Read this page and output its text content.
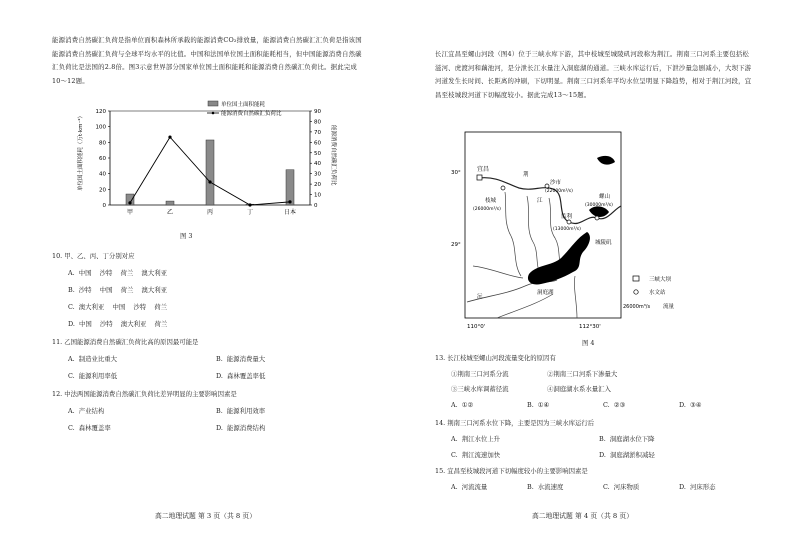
能源消费自然碳汇负荷是指单位面积森林所承载的能源消费CO₂排放量，能源消费自然碳汇汇负荷是指该国能源消费自然碳汇负荷与全球平均水平的比值。中国和法国单位国土面积能耗相当，但中国能源消费自然碳汇负荷比是法国的2.8倍。图3示意世界部分国家单位国土面积能耗和能源消费自然碳汇负荷比。据此完成10～12题。
单位国土面积能耗（万t·km⁻²）	能源消费自然碳汇负荷比
单位国土面积能耗
能源消费自然碳汇负荷比
0
20
40
60
80
100
120
0
10
20
30
40
50
60
70
80
90
甲	乙	丙	丁	日本
图 3
10. 甲、乙、丙、丁分别对应
A.  中国    沙特    荷兰    澳大利亚
B.  沙特    中国    荷兰    澳大利亚
C.  澳大利亚    中国    沙特    荷兰
D.  中国    沙特    澳大利亚    荷兰
11. 乙国能源消费自然碳汇负荷比高的原因最可能是
A.  制造业比重大	B.  能源消费量大
C.  能源利用率低	D.  森林覆盖率低
12. 中法两国能源消费自然碳汇负荷比差异明显的主要影响因素是
A.  产业结构	B.  能源利用效率
C.  森林覆盖率	D.  能源消费结构
高二地理试题 第 3 页（共 8 页）
长江宜昌至螺山河段（图4）位于三峡水库下游，其中枝城至城陵矶河段称为荆江。荆南三口河系主要包括松滋河、虎渡河和藕池河，是分泄长江水量注入洞庭湖的通道。三峡水库运行后，下泄沙量急剧减小，大坝下游河道发生长时间、长距离的冲刷，下切明显。荆南三口河系年平均水位呈明显下降趋势，相对于荆江河段，宜昌至枝城段河道下切幅度较小。据此完成13～15题。
宜昌
枝城
(26000m³/s)
沙市
(22000m³/s)
监利
(13000m³/s)
螺山
(30000m³/s)
城陵矶
洞庭湖
荆
江
沅
30°
29°
110°0'	112°30'
三峡大坝
水文站
26000m³/s 流量
图 4
13. 长江枝城至螺山河段流量变化的原因有
①荆南三口河系分流	②荆南三口河系下渗量大
③三峡水库调蓄径流	④洞庭湖水系水量汇入
A.  ①②	B.  ①④	C.  ②③	D.  ③④
14. 荆南三口河系水位下降，主要是因为三峡水库运行后
A.  荆江水位上升	B.  洞庭湖水位下降
C.  荆江流速加快	D.  洞庭湖淤积减轻
15. 宜昌至枝城段河道下切幅度较小的主要影响因素是
A.  河流流量	B.  水流速度	C.  河床物质	D.  河床形态
高二地理试题 第 4 页（共 8 页）
